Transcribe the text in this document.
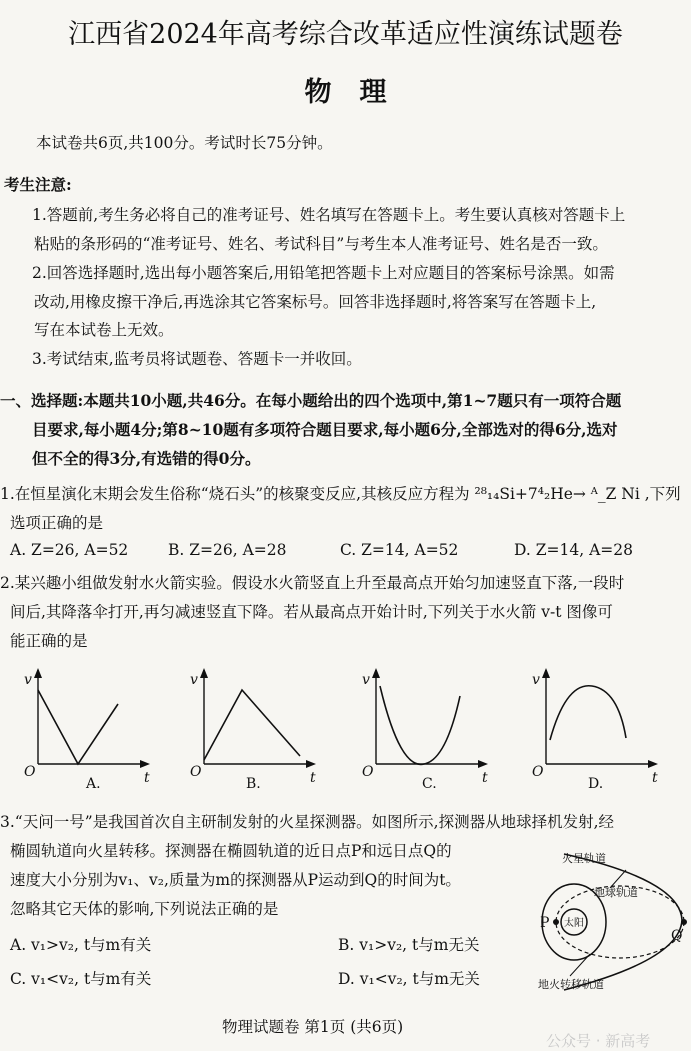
江西省2024年高考综合改革适应性演练试题卷
物理
本试卷共6页,共100分。考试时长75分钟。
考生注意:
1.答题前,考生务必将自己的准考证号、姓名填写在答题卡上。考生要认真核对答题卡上
粘贴的条形码的“准考证号、姓名、考试科目”与考生本人准考证号、姓名是否一致。
2.回答选择题时,选出每小题答案后,用铅笔把答题卡上对应题目的答案标号涂黑。如需
改动,用橡皮擦干净后,再选涂其它答案标号。回答非选择题时,将答案写在答题卡上,
写在本试卷上无效。
3.考试结束,监考员将试题卷、答题卡一并收回。
一、选择题:本题共10小题,共46分。在每小题给出的四个选项中,第1~7题只有一项符合题
目要求,每小题4分;第8~10题有多项符合题目要求,每小题6分,全部选对的得6分,选对
但不全的得3分,有选错的得0分。
1.在恒星演化末期会发生俗称“烧石头”的核聚变反应,其核反应方程为 ²⁸₁₄Si+7⁴₂He→ ᴬ_Z Ni ,下列
选项正确的是
A. Z=26, A=52	B. Z=26, A=28	C. Z=14, A=52	D. Z=14, A=28
2.某兴趣小组做发射水火箭实验。假设水火箭竖直上升至最高点开始匀加速竖直下落,一段时
间后,其降落伞打开,再匀减速竖直下降。若从最高点开始计时,下列关于水火箭 v-t 图像可
能正确的是
v
O	t
A.
v
O	t
B.
v
O	t
C.
v
O	t
D.
3.“天问一号”是我国首次自主研制发射的火星探测器。如图所示,探测器从地球择机发射,经
椭圆轨道向火星转移。探测器在椭圆轨道的近日点P和远日点Q的
速度大小分别为v₁、v₂,质量为m的探测器从P运动到Q的时间为t。
忽略其它天体的影响,下列说法正确的是
A. v₁>v₂, t与m有关	B. v₁>v₂, t与m无关
C. v₁<v₂, t与m有关	D. v₁<v₂, t与m无关
火星轨道
地球轨道
太阳
地火转移轨道
P
Q
物理试题卷 第1页 (共6页)
公众号 · 新高考
